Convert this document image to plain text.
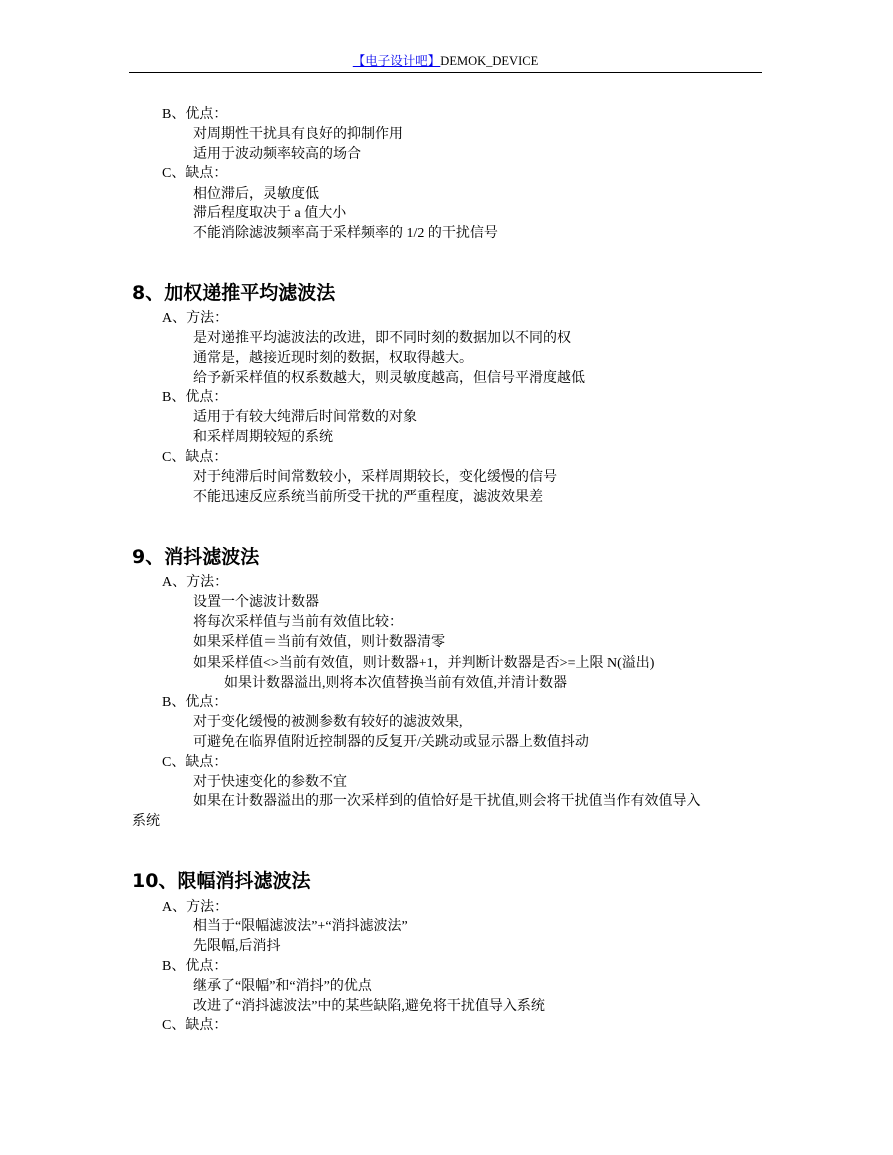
【电子设计吧】DEMOK_DEVICE
B、优点：
对周期性干扰具有良好的抑制作用
适用于波动频率较高的场合
C、缺点：
相位滞后，灵敏度低
滞后程度取决于 a 值大小
不能消除滤波频率高于采样频率的 1/2 的干扰信号
8、加权递推平均滤波法
A、方法：
是对递推平均滤波法的改进，即不同时刻的数据加以不同的权
通常是，越接近现时刻的数据，权取得越大。
给予新采样值的权系数越大，则灵敏度越高，但信号平滑度越低
B、优点：
适用于有较大纯滞后时间常数的对象
和采样周期较短的系统
C、缺点：
对于纯滞后时间常数较小，采样周期较长，变化缓慢的信号
不能迅速反应系统当前所受干扰的严重程度，滤波效果差
9、消抖滤波法
A、方法：
设置一个滤波计数器
将每次采样值与当前有效值比较：
如果采样值＝当前有效值，则计数器清零
如果采样值<>当前有效值，则计数器+1，并判断计数器是否>=上限 N(溢出)
如果计数器溢出,则将本次值替换当前有效值,并清计数器
B、优点：
对于变化缓慢的被测参数有较好的滤波效果,
可避免在临界值附近控制器的反复开/关跳动或显示器上数值抖动
C、缺点：
对于快速变化的参数不宜
如果在计数器溢出的那一次采样到的值恰好是干扰值,则会将干扰值当作有效值导入
系统
10、限幅消抖滤波法
A、方法：
相当于“限幅滤波法”+“消抖滤波法”
先限幅,后消抖
B、优点：
继承了“限幅”和“消抖”的优点
改进了“消抖滤波法”中的某些缺陷,避免将干扰值导入系统
C、缺点：
